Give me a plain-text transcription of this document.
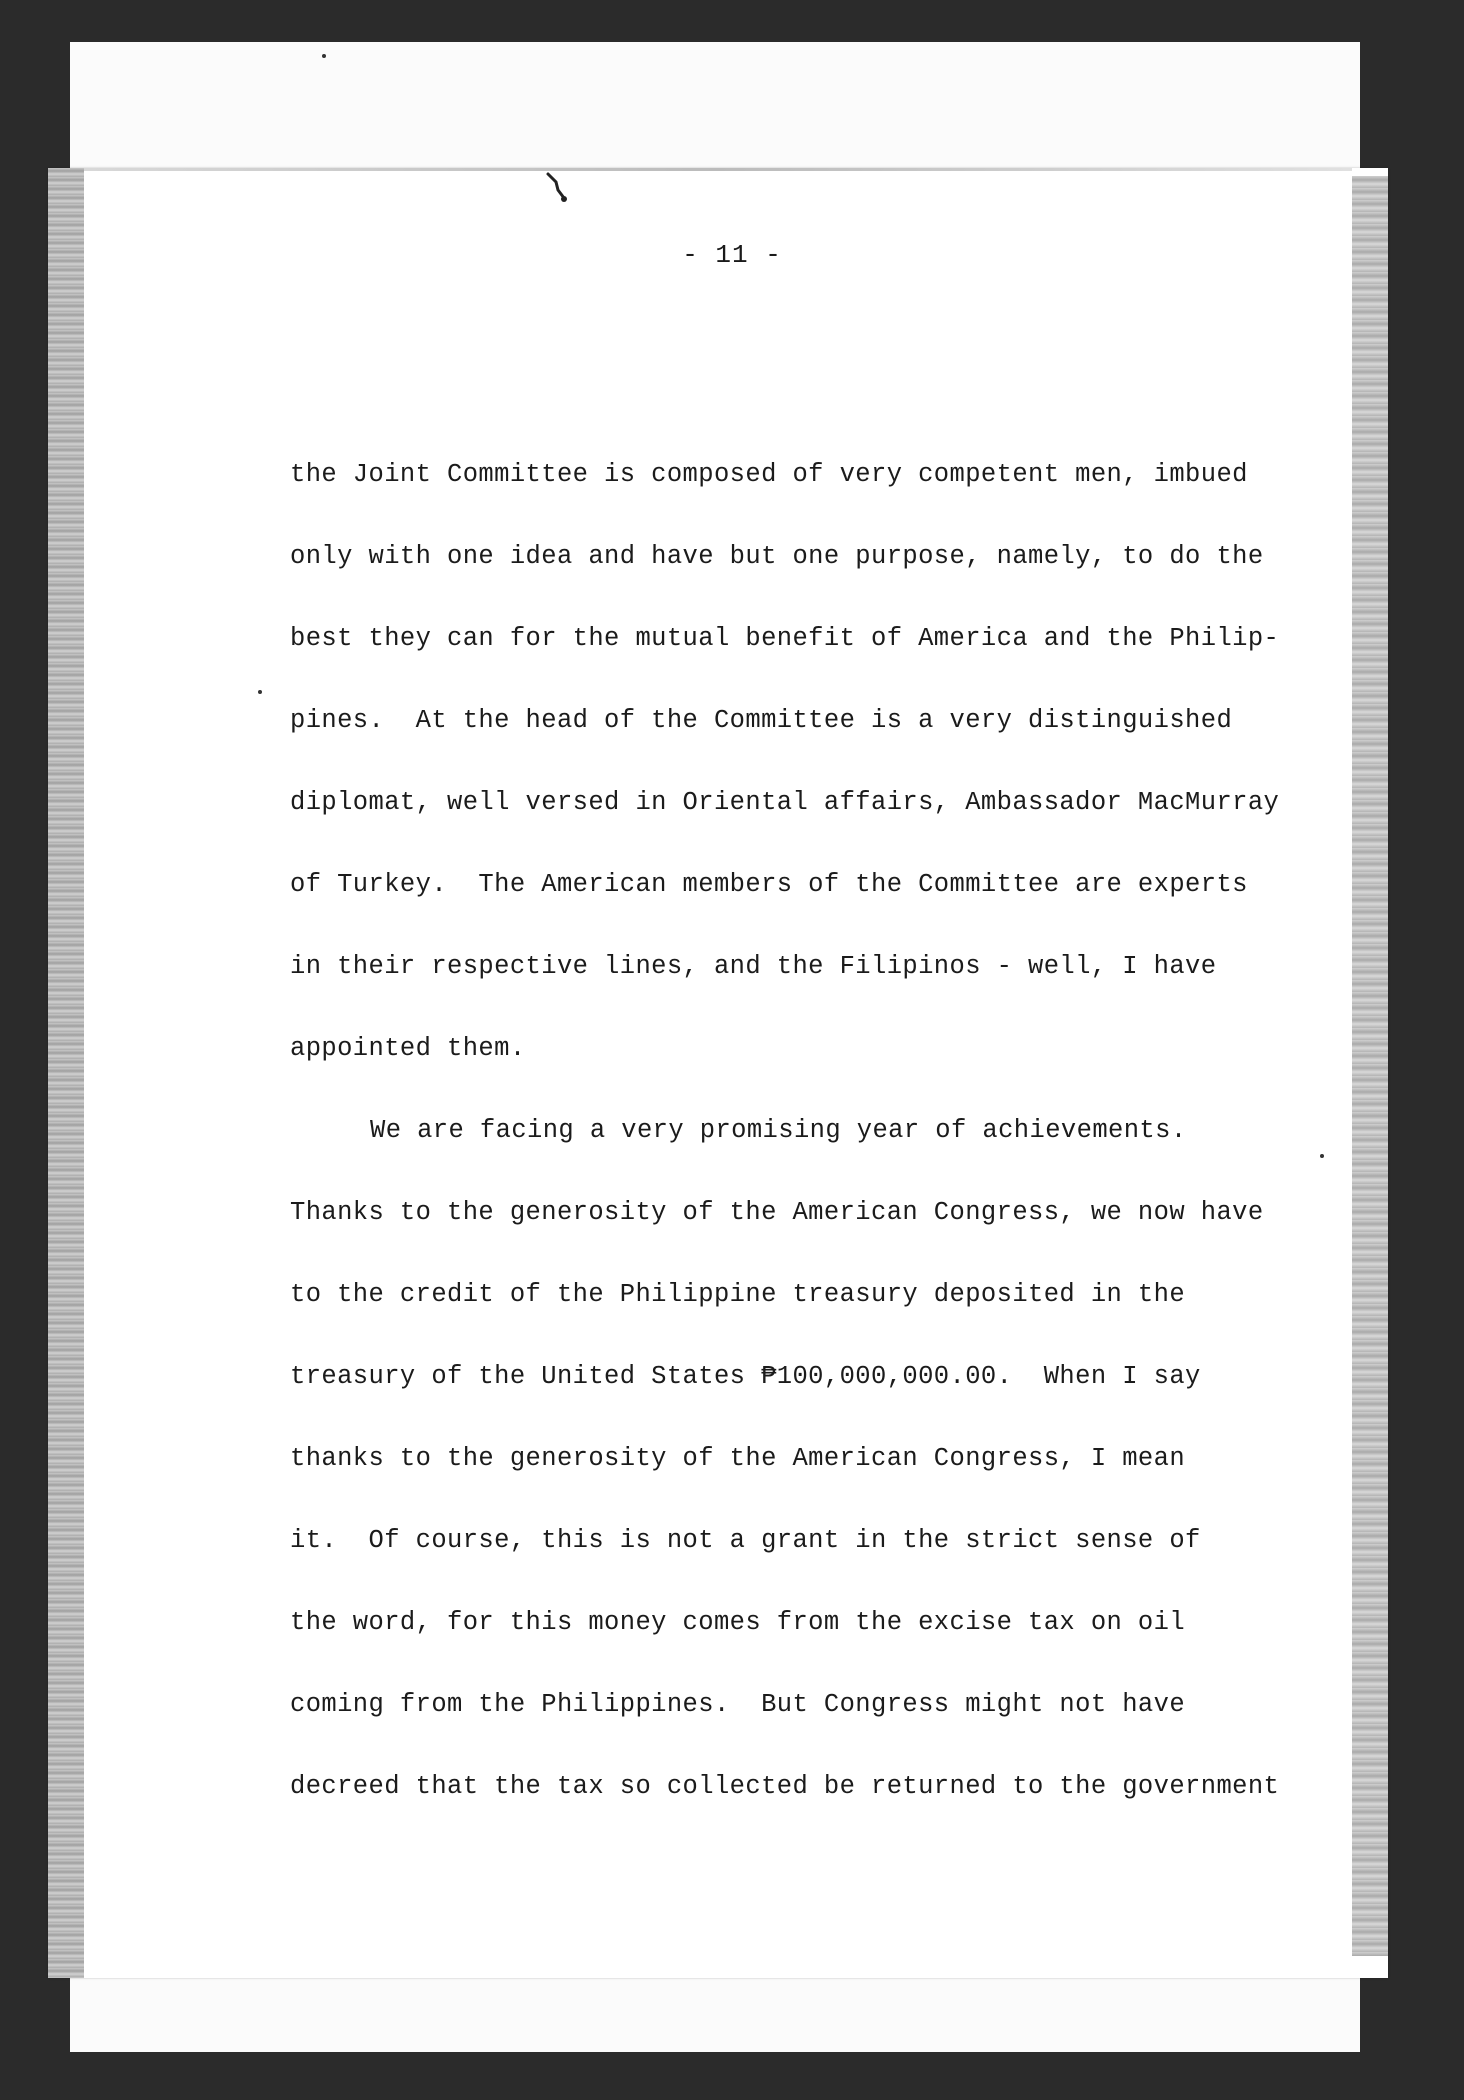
- 11 -
the Joint Committee is composed of very competent men, imbued
only with one idea and have but one purpose, namely, to do the
best they can for the mutual benefit of America and the Philip-
pines.  At the head of the Committee is a very distinguished
diplomat, well versed in Oriental affairs, Ambassador MacMurray
of Turkey.  The American members of the Committee are experts
in their respective lines, and the Filipinos - well, I have
appointed them.
We are facing a very promising year of achievements.
Thanks to the generosity of the American Congress, we now have
to the credit of the Philippine treasury deposited in the
treasury of the United States ₱100,000,000.00.  When I say
thanks to the generosity of the American Congress, I mean
it.  Of course, this is not a grant in the strict sense of
the word, for this money comes from the excise tax on oil
coming from the Philippines.  But Congress might not have
decreed that the tax so collected be returned to the government
